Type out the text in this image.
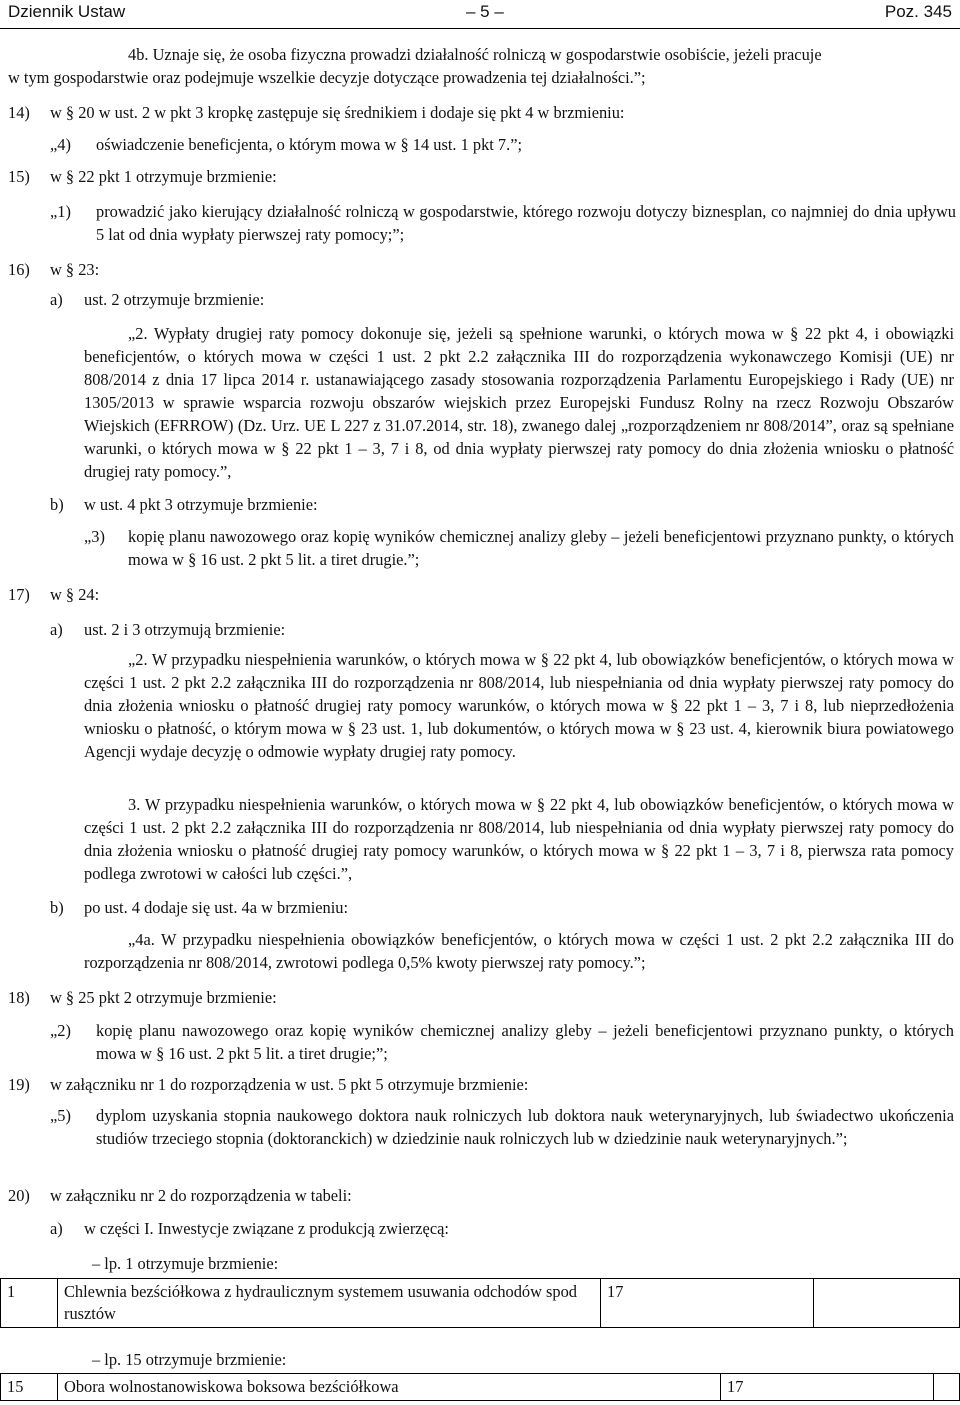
Dziennik Ustaw	– 5 –	Poz. 345
4b. Uznaje się, że osoba fizyczna prowadzi działalność rolniczą w gospodarstwie osobiście, jeżeli pracuje
w tym gospodarstwie oraz podejmuje wszelkie decyzje dotyczące prowadzenia tej działalności.”;
14) w § 20 w ust. 2 w pkt 3 kropkę zastępuje się średnikiem i dodaje się pkt 4 w brzmieniu:
„4) oświadczenie beneficjenta, o którym mowa w § 14 ust. 1 pkt 7.”;
15) w § 22 pkt 1 otrzymuje brzmienie:
„1) prowadzić jako kierujący działalność rolniczą w gospodarstwie, którego rozwoju dotyczy biznesplan, co najmniej do dnia upływu 5 lat od dnia wypłaty pierwszej raty pomocy;”;
16) w § 23:
a) ust. 2 otrzymuje brzmienie:
„2. Wypłaty drugiej raty pomocy dokonuje się, jeżeli są spełnione warunki, o których mowa w § 22 pkt 4, i obowiązki beneficjentów, o których mowa w części 1 ust. 2 pkt 2.2 załącznika III do rozporządzenia wykonawczego Komisji (UE) nr 808/2014 z dnia 17 lipca 2014 r. ustanawiającego zasady stosowania rozporządzenia Parlamentu Europejskiego i Rady (UE) nr 1305/2013 w sprawie wsparcia rozwoju obszarów wiejskich przez Europejski Fundusz Rolny na rzecz Rozwoju Obszarów Wiejskich (EFRROW) (Dz. Urz. UE L 227 z 31.07.2014, str. 18), zwanego dalej „rozporządzeniem nr 808/2014”, oraz są spełniane warunki, o których mowa w § 22 pkt 1 – 3, 7 i 8, od dnia wypłaty pierwszej raty pomocy do dnia złożenia wniosku o płatność drugiej raty pomocy.”,
b) w ust. 4 pkt 3 otrzymuje brzmienie:
„3) kopię planu nawozowego oraz kopię wyników chemicznej analizy gleby – jeżeli beneficjentowi przyznano punkty, o których mowa w § 16 ust. 2 pkt 5 lit. a tiret drugie.”;
17) w § 24:
a) ust. 2 i 3 otrzymują brzmienie:
„2. W przypadku niespełnienia warunków, o których mowa w § 22 pkt 4, lub obowiązków beneficjentów, o których mowa w części 1 ust. 2 pkt 2.2 załącznika III do rozporządzenia nr 808/2014, lub niespełniania od dnia wypłaty pierwszej raty pomocy do dnia złożenia wniosku o płatność drugiej raty pomocy warunków, o których mowa w § 22 pkt 1 – 3, 7 i 8, lub nieprzedłożenia wniosku o płatność, o którym mowa w § 23 ust. 1, lub dokumentów, o których mowa w § 23 ust. 4, kierownik biura powiatowego Agencji wydaje decyzję o odmowie wypłaty drugiej raty pomocy.
3. W przypadku niespełnienia warunków, o których mowa w § 22 pkt 4, lub obowiązków beneficjentów, o których mowa w części 1 ust. 2 pkt 2.2 załącznika III do rozporządzenia nr 808/2014, lub niespełniania od dnia wypłaty pierwszej raty pomocy do dnia złożenia wniosku o płatność drugiej raty pomocy warunków, o których mowa w § 22 pkt 1 – 3, 7 i 8, pierwsza rata pomocy podlega zwrotowi w całości lub części.”,
b) po ust. 4 dodaje się ust. 4a w brzmieniu:
„4a. W przypadku niespełnienia obowiązków beneficjentów, o których mowa w części 1 ust. 2 pkt 2.2 załącznika III do rozporządzenia nr 808/2014, zwrotowi podlega 0,5% kwoty pierwszej raty pomocy.”;
18) w § 25 pkt 2 otrzymuje brzmienie:
„2) kopię planu nawozowego oraz kopię wyników chemicznej analizy gleby – jeżeli beneficjentowi przyznano punkty, o których mowa w § 16 ust. 2 pkt 5 lit. a tiret drugie;”;
19) w załączniku nr 1 do rozporządzenia w ust. 5 pkt 5 otrzymuje brzmienie:
„5) dyplom uzyskania stopnia naukowego doktora nauk rolniczych lub doktora nauk weterynaryjnych, lub świadectwo ukończenia studiów trzeciego stopnia (doktoranckich) w dziedzinie nauk rolniczych lub w dziedzinie nauk weterynaryjnych.”;
20) w załączniku nr 2 do rozporządzenia w tabeli:
a) w części I. Inwestycje związane z produkcją zwierzęcą:
– lp. 1 otrzymuje brzmienie:
1	Chlewnia bezściółkowa z hydraulicznym systemem usuwania odchodów spod rusztów	17	
– lp. 15 otrzymuje brzmienie:
15	Obora wolnostanowiskowa boksowa bezściółkowa	17	
